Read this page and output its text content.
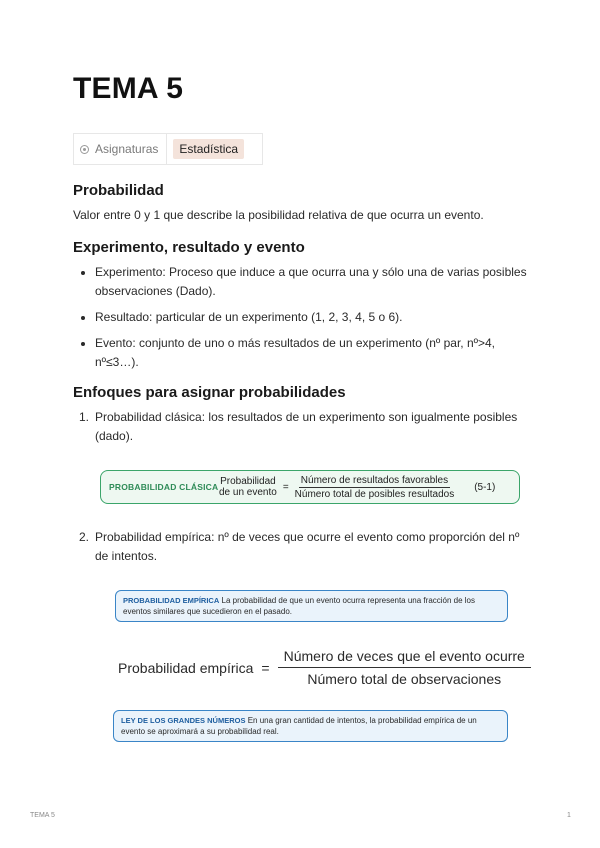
TEMA 5
Asignaturas	Estadística
Probabilidad

Valor entre 0 y 1 que describe la posibilidad relativa de que ocurra un evento.

Experimento, resultado y evento
Experimento: Proceso que induce a que ocurra una y sólo una de varias posibles observaciones (Dado).
Resultado: particular de un experimento (1, 2, 3, 4, 5 o 6).
Evento: conjunto de uno o más resultados de un experimento (nº par, nº>4, nº≤3…).
Enfoques para asignar probabilidades
1. Probabilidad clásica: los resultados de un experimento son igualmente posibles (dado).
PROBABILIDAD CLÁSICA Probabilidad
de un evento = $\frac{\text{Número de resultados favorables}}{\text{Número total de posibles resultados}} (5-1)$
2. Probabilidad empírica: nº de veces que ocurre el evento como proporción del nº de intentos.
PROBABILIDAD EMPÍRICA La probabilidad de que un evento ocurra representa una fracción de los eventos similares que sucedieron en el pasado.
Probabilidad empírica = $\frac{\text{Número de veces que el evento ocurre}}{\text{Número total de observaciones}}$
LEY DE LOS GRANDES NÚMEROS En una gran cantidad de intentos, la probabilidad empírica de un evento se aproximará a su probabilidad real.
TEMA 5	1
